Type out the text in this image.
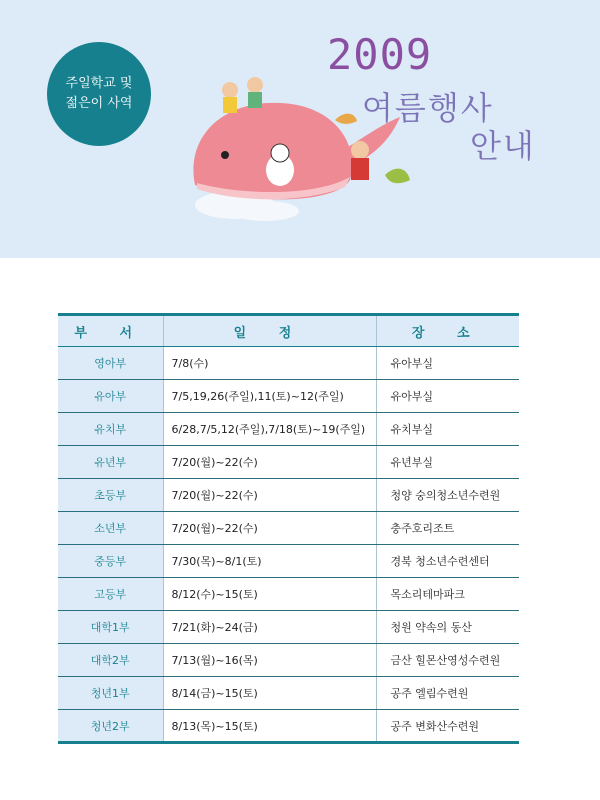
주일학교 및
젊은이 사역
2009
여름행사
안내
부 서	일 정	장 소
영아부	7/8(수)	유아부실
유아부	7/5,19,26(주일),11(토)~12(주일)	유아부실
유치부	6/28,7/5,12(주일),7/18(토)~19(주일)	유치부실
유년부	7/20(월)~22(수)	유년부실
초등부	7/20(월)~22(수)	청양 숭의청소년수련원
소년부	7/20(월)~22(수)	충주호리조트
중등부	7/30(목)~8/1(토)	경북 청소년수련센터
고등부	8/12(수)~15(토)	목소리테마파크
대학1부	7/21(화)~24(금)	청원 약속의 동산
대학2부	7/13(월)~16(목)	금산 힐몬산영성수련원
청년1부	8/14(금)~15(토)	공주 엘림수련원
청년2부	8/13(목)~15(토)	공주 변화산수련원
